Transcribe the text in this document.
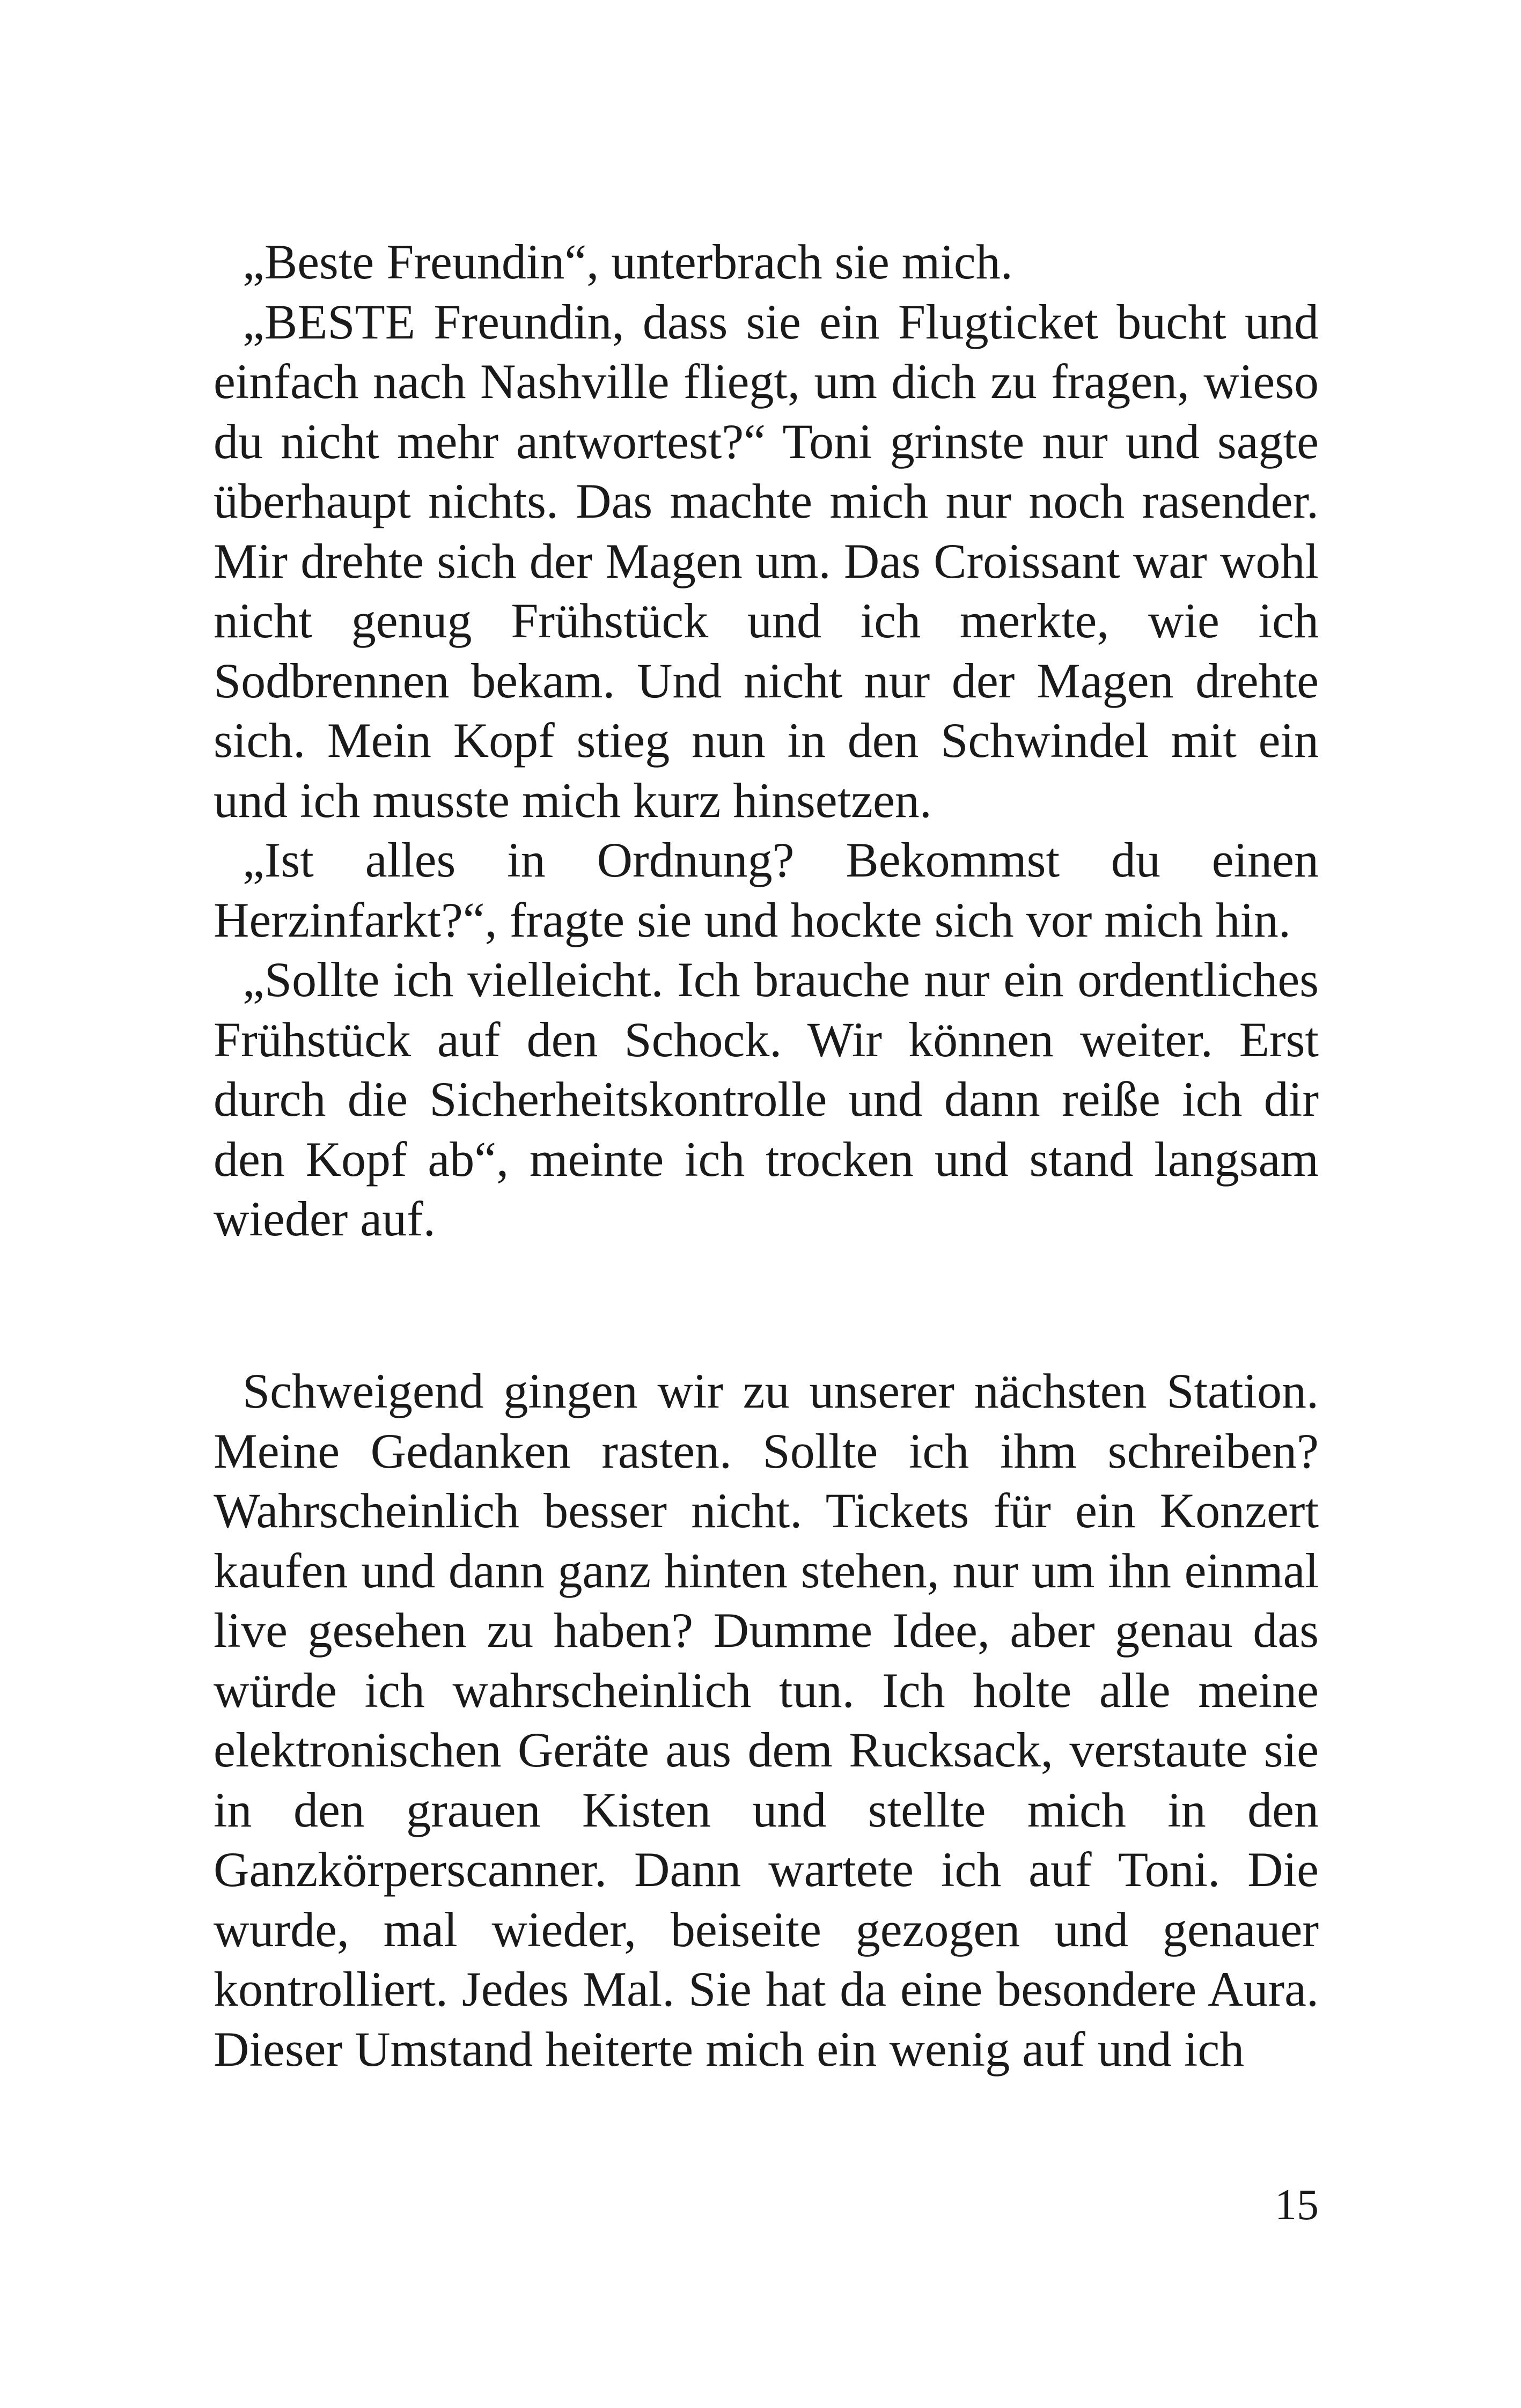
„Beste Freundin“, unterbrach sie mich.

„BESTE Freundin, dass sie ein Flugticket bucht und einfach nach Nashville fliegt, um dich zu fragen, wieso du nicht mehr antwortest?“ Toni grinste nur und sagte überhaupt nichts. Das machte mich nur noch rasender. Mir drehte sich der Magen um. Das Croissant war wohl nicht genug Frühstück und ich merkte, wie ich Sodbrennen bekam. Und nicht nur der Magen drehte sich. Mein Kopf stieg nun in den Schwindel mit ein und ich musste mich kurz hinsetzen.

„Ist alles in Ordnung? Bekommst du einen Herzinfarkt?“, fragte sie und hockte sich vor mich hin.

„Sollte ich vielleicht. Ich brauche nur ein ordentliches Frühstück auf den Schock. Wir können weiter. Erst durch die Sicherheitskontrolle und dann reiße ich dir den Kopf ab“, meinte ich trocken und stand langsam wieder auf.

Schweigend gingen wir zu unserer nächsten Station. Meine Gedanken rasten. Sollte ich ihm schreiben? Wahrscheinlich besser nicht. Tickets für ein Konzert kaufen und dann ganz hinten stehen, nur um ihn einmal live gesehen zu haben? Dumme Idee, aber genau das würde ich wahrscheinlich tun. Ich holte alle meine elektronischen Geräte aus dem Rucksack, verstaute sie in den grauen Kisten und stellte mich in den Ganzkörperscanner. Dann wartete ich auf Toni. Die wurde, mal wieder, beiseite gezogen und genauer kontrolliert. Jedes Mal. Sie hat da eine besondere Aura. Dieser Umstand heiterte mich ein wenig auf und ich

15
